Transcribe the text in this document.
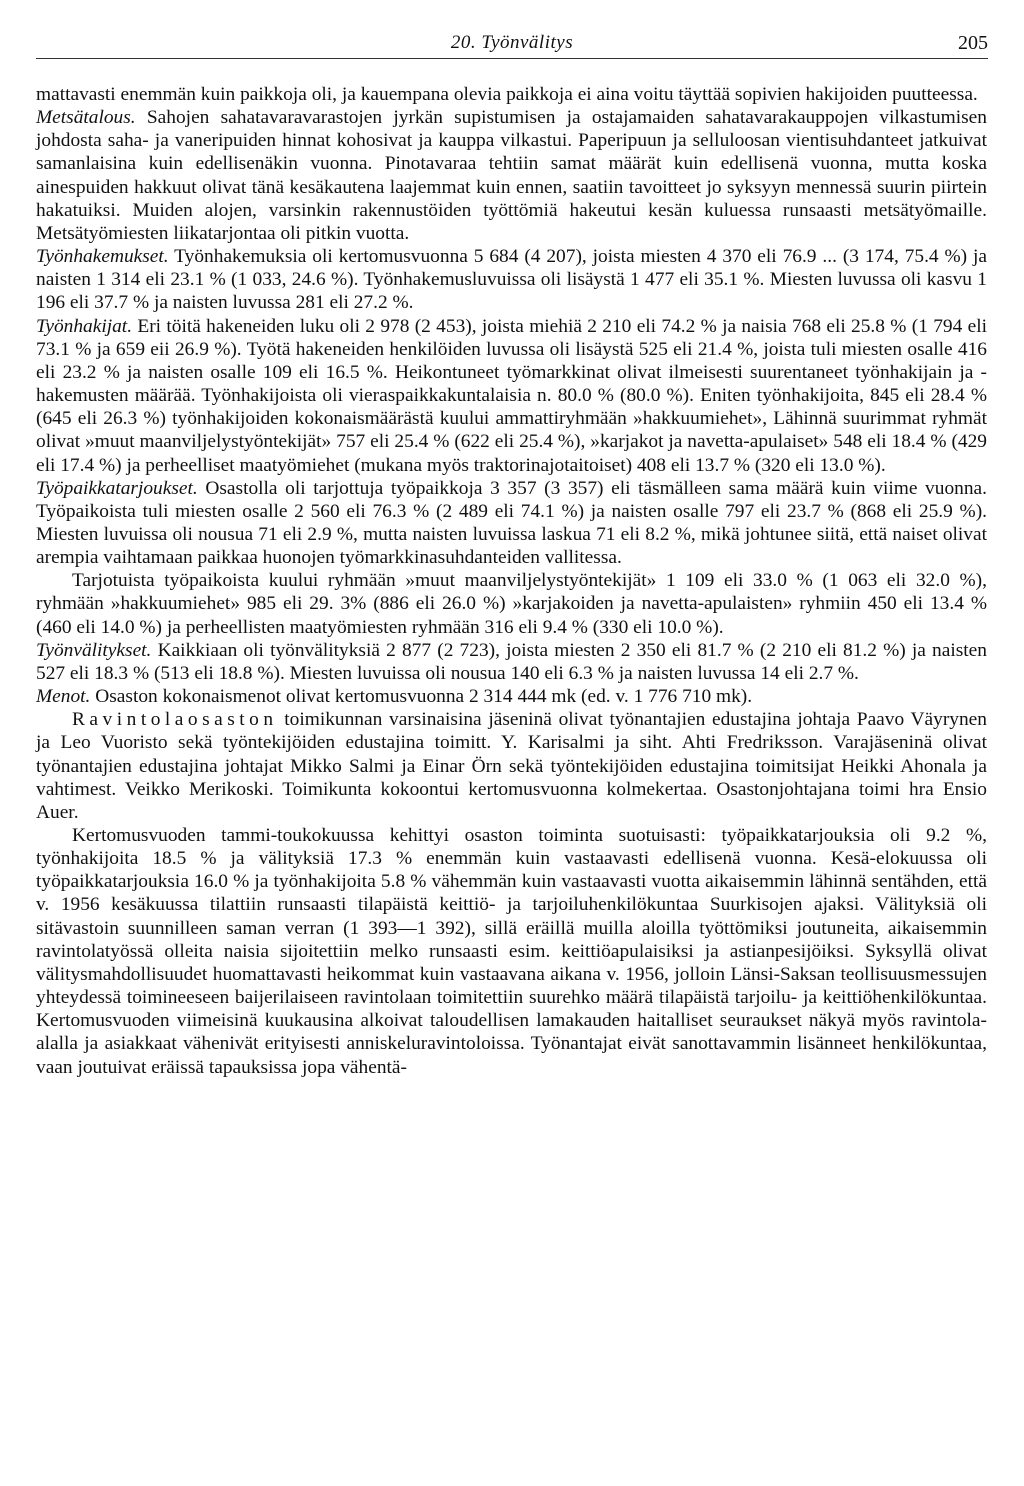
20. Työnvälitys	205

mattavasti enemmän kuin paikkoja oli, ja kauempana olevia paikkoja ei aina voitu täyttää sopivien hakijoiden puutteessa.

Metsätalous. Sahojen sahatavaravarastojen jyrkän supistumisen ja ostajamaiden sahatavarakauppojen vilkastumisen johdosta saha- ja vaneripuiden hinnat kohosivat ja kauppa vilkastui. Paperipuun ja selluloosan vientisuhdanteet jatkuivat samanlaisina kuin edellisenäkin vuonna. Pinotavaraa tehtiin samat määrät kuin edellisenä vuonna, mutta koska ainespuiden hakkuut olivat tänä kesäkautena laajemmat kuin ennen, saatiin tavoitteet jo syksyyn mennessä suurin piirtein hakatuiksi. Muiden alojen, varsinkin rakennustöiden työttömiä hakeutui kesän kuluessa runsaasti metsätyömaille. Metsätyömiesten liikatarjontaa oli pitkin vuotta.

Työnhakemukset. Työnhakemuksia oli kertomusvuonna 5 684 (4 207), joista miesten 4 370 eli 76.9 ... (3 174, 75.4 %) ja naisten 1 314 eli 23.1 % (1 033, 24.6 %). Työnhakemusluvuissa oli lisäystä 1 477 eli 35.1 %. Miesten luvussa oli kasvu 1 196 eli 37.7 % ja naisten luvussa 281 eli 27.2 %.

Työnhakijat. Eri töitä hakeneiden luku oli 2 978 (2 453), joista miehiä 2 210 eli 74.2 % ja naisia 768 eli 25.8 % (1 794 eli 73.1 % ja 659 eii 26.9 %). Työtä hakeneiden henkilöiden luvussa oli lisäystä 525 eli 21.4 %, joista tuli miesten osalle 416 eli 23.2 % ja naisten osalle 109 eli 16.5 %. Heikontuneet työmarkkinat olivat ilmeisesti suurentaneet työnhakijain ja -hakemusten määrää. Työnhakijoista oli vieraspaikkakuntalaisia n. 80.0 % (80.0 %). Eniten työnhakijoita, 845 eli 28.4 % (645 eli 26.3 %) työnhakijoiden kokonaismäärästä kuului ammattiryhmään »hakkuumiehet», Lähinnä suurimmat ryhmät olivat »muut maanviljelystyöntekijät» 757 eli 25.4 % (622 eli 25.4 %), »karjakot ja navetta-apulaiset» 548 eli 18.4 % (429 eli 17.4 %) ja perheelliset maatyömiehet (mukana myös traktorinajotaitoiset) 408 eli 13.7 % (320 eli 13.0 %).

Työpaikkatarjoukset. Osastolla oli tarjottuja työpaikkoja 3 357 (3 357) eli täsmälleen sama määrä kuin viime vuonna. Työpaikoista tuli miesten osalle 2 560 eli 76.3 % (2 489 eli 74.1 %) ja naisten osalle 797 eli 23.7 % (868 eli 25.9 %). Miesten luvuissa oli nousua 71 eli 2.9 %, mutta naisten luvuissa laskua 71 eli 8.2 %, mikä johtunee siitä, että naiset olivat arempia vaihtamaan paikkaa huonojen työmarkkinasuhdanteiden vallitessa.

Tarjotuista työpaikoista kuului ryhmään »muut maanviljelystyöntekijät» 1 109 eli 33.0 % (1 063 eli 32.0 %), ryhmään »hakkuumiehet» 985 eli 29. 3% (886 eli 26.0 %) »karjakoiden ja navetta-apulaisten» ryhmiin 450 eli 13.4 % (460 eli 14.0 %) ja perheellisten maatyömiesten ryhmään 316 eli 9.4 % (330 eli 10.0 %).

Työnvälitykset. Kaikkiaan oli työnvälityksiä 2 877 (2 723), joista miesten 2 350 eli 81.7 % (2 210 eli 81.2 %) ja naisten 527 eli 18.3 % (513 eli 18.8 %). Miesten luvuissa oli nousua 140 eli 6.3 % ja naisten luvussa 14 eli 2.7 %.

Menot. Osaston kokonaismenot olivat kertomusvuonna 2 314 444 mk (ed. v. 1 776 710 mk).

Ravintolaosaston toimikunnan varsinaisina jäseninä olivat työnantajien edustajina johtaja Paavo Väyrynen ja Leo Vuoristo sekä työntekijöiden edustajina toimitt. Y. Karisalmi ja siht. Ahti Fredriksson. Varajäseninä olivat työnantajien edustajina johtajat Mikko Salmi ja Einar Örn sekä työntekijöiden edustajina toimitsijat Heikki Ahonala ja vahtimest. Veikko Merikoski. Toimikunta kokoontui kertomusvuonna kolmekertaa. Osastonjohtajana toimi hra Ensio Auer.

Kertomusvuoden tammi-toukokuussa kehittyi osaston toiminta suotuisasti: työpaikkatarjouksia oli 9.2 %, työnhakijoita 18.5 % ja välityksiä 17.3 % enemmän kuin vastaavasti edellisenä vuonna. Kesä-elokuussa oli työpaikkatarjouksia 16.0 % ja työnhakijoita 5.8 % vähemmän kuin vastaavasti vuotta aikaisemmin lähinnä sentähden, että v. 1956 kesäkuussa tilattiin runsaasti tilapäistä keittiö- ja tarjoiluhenkilökuntaa Suurkisojen ajaksi. Välityksiä oli sitävastoin suunnilleen saman verran (1 393—1 392), sillä eräillä muilla aloilla työttömiksi joutuneita, aikaisemmin ravintolatyössä olleita naisia sijoitettiin melko runsaasti esim. keittiöapulaisiksi ja astianpesijöiksi. Syksyllä olivat välitysmahdollisuudet huomattavasti heikommat kuin vastaavana aikana v. 1956, jolloin Länsi-Saksan teollisuusmessujen yhteydessä toimineeseen baijerilaiseen ravintolaan toimitettiin suurehko määrä tilapäistä tarjoilu- ja keittiöhenkilökuntaa. Kertomusvuoden viimeisinä kuukausina alkoivat taloudellisen lamakauden haitalliset seuraukset näkyä myös ravintola-alalla ja asiakkaat vähenivät erityisesti anniskeluravintoloissa. Työnantajat eivät sanottavammin lisänneet henkilökuntaa, vaan joutuivat eräissä tapauksissa jopa vähentä-
